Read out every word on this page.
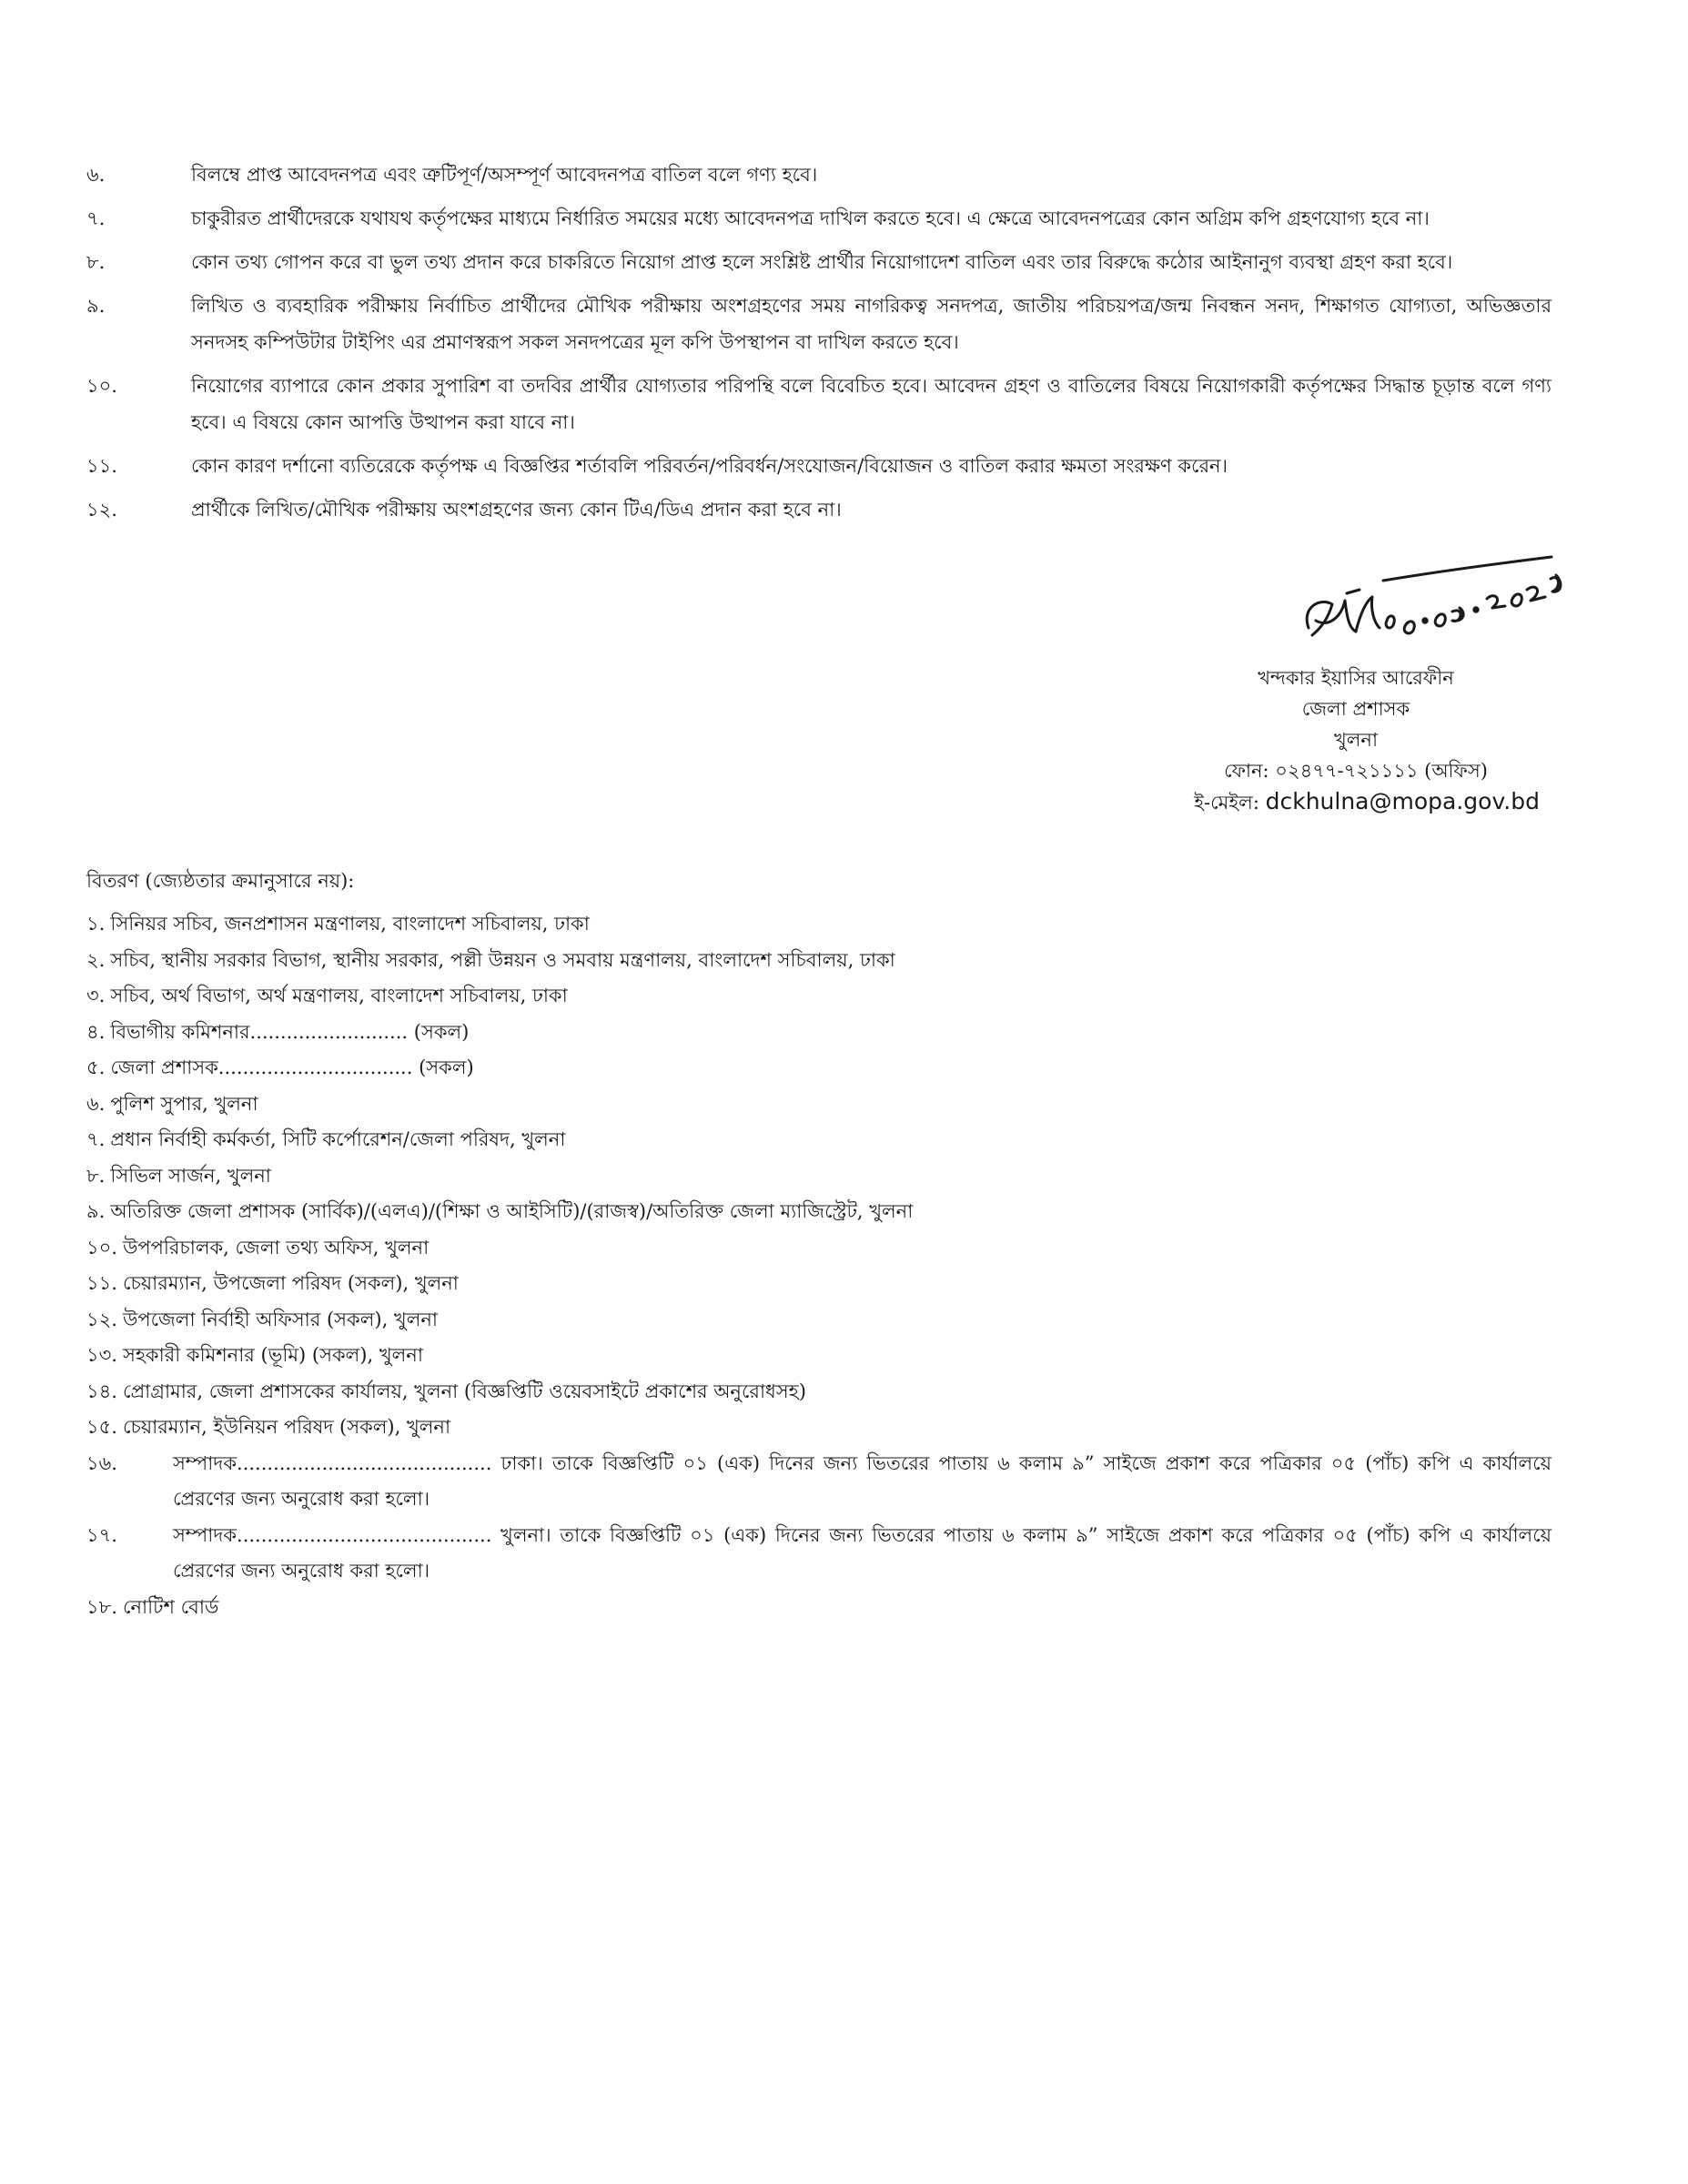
৬.	বিলম্বে প্রাপ্ত আবেদনপত্র এবং ত্রুটিপূর্ণ/অসম্পূর্ণ আবেদনপত্র বাতিল বলে গণ্য হবে।
৭.	চাকুরীরত প্রার্থীদেরকে যথাযথ কর্তৃপক্ষের মাধ্যমে নির্ধারিত সময়ের মধ্যে আবেদনপত্র দাখিল করতে হবে। এ ক্ষেত্রে আবেদনপত্রের কোন অগ্রিম কপি গ্রহণযোগ্য হবে না।
৮.	কোন তথ্য গোপন করে বা ভুল তথ্য প্রদান করে চাকরিতে নিয়োগ প্রাপ্ত হলে সংশ্লিষ্ট প্রার্থীর নিয়োগাদেশ বাতিল এবং তার বিরুদ্ধে কঠোর আইনানুগ ব্যবস্থা গ্রহণ করা হবে।
৯.	লিখিত ও ব্যবহারিক পরীক্ষায় নির্বাচিত প্রার্থীদের মৌখিক পরীক্ষায় অংশগ্রহণের সময় নাগরিকত্ব সনদপত্র, জাতীয় পরিচয়পত্র/জন্ম নিবন্ধন সনদ, শিক্ষাগত যোগ্যতা, অভিজ্ঞতার সনদসহ কম্পিউটার টাইপিং এর প্রমাণস্বরূপ সকল সনদপত্রের মূল কপি উপস্থাপন বা দাখিল করতে হবে।
১০.	নিয়োগের ব্যাপারে কোন প্রকার সুপারিশ বা তদবির প্রার্থীর যোগ্যতার পরিপন্থি বলে বিবেচিত হবে। আবেদন গ্রহণ ও বাতিলের বিষয়ে নিয়োগকারী কর্তৃপক্ষের সিদ্ধান্ত চূড়ান্ত বলে গণ্য হবে। এ বিষয়ে কোন আপত্তি উত্থাপন করা যাবে না।
১১.	কোন কারণ দর্শানো ব্যতিরেকে কর্তৃপক্ষ এ বিজ্ঞপ্তির শর্তাবলি পরিবর্তন/পরিবর্ধন/সংযোজন/বিয়োজন ও বাতিল করার ক্ষমতা সংরক্ষণ করেন।
১২.	প্রার্থীকে লিখিত/মৌখিক পরীক্ষায় অংশগ্রহণের জন্য কোন টিএ/ডিএ প্রদান করা হবে না।
খন্দকার ইয়াসির আরেফীন
জেলা প্রশাসক
খুলনা
ফোন: ০২৪৭৭-৭২১১১১ (অফিস)
ই-মেইল: dckhulna@mopa.gov.bd
বিতরণ (জ্যেষ্ঠতার ক্রমানুসারে নয়):
১. সিনিয়র সচিব, জনপ্রশাসন মন্ত্রণালয়, বাংলাদেশ সচিবালয়, ঢাকা
২. সচিব, স্থানীয় সরকার বিভাগ, স্থানীয় সরকার, পল্লী উন্নয়ন ও সমবায় মন্ত্রণালয়, বাংলাদেশ সচিবালয়, ঢাকা
৩. সচিব, অর্থ বিভাগ, অর্থ মন্ত্রণালয়, বাংলাদেশ সচিবালয়, ঢাকা
৪. বিভাগীয় কমিশনার.......................... (সকল)
৫. জেলা প্রশাসক................................ (সকল)
৬. পুলিশ সুপার, খুলনা
৭. প্রধান নির্বাহী কর্মকর্তা, সিটি কর্পোরেশন/জেলা পরিষদ, খুলনা
৮. সিভিল সার্জন, খুলনা
৯. অতিরিক্ত জেলা প্রশাসক (সার্বিক)/(এলএ)/(শিক্ষা ও আইসিটি)/(রাজস্ব)/অতিরিক্ত জেলা ম্যাজিস্ট্রেট, খুলনা
১০. উপপরিচালক, জেলা তথ্য অফিস, খুলনা
১১. চেয়ারম্যান, উপজেলা পরিষদ (সকল), খুলনা
১২. উপজেলা নির্বাহী অফিসার (সকল), খুলনা
১৩. সহকারী কমিশনার (ভূমি) (সকল), খুলনা
১৪. প্রোগ্রামার, জেলা প্রশাসকের কার্যালয়, খুলনা (বিজ্ঞপ্তিটি ওয়েবসাইটে প্রকাশের অনুরোধসহ)
১৫. চেয়ারম্যান, ইউনিয়ন পরিষদ (সকল), খুলনা
১৬.	সম্পাদক.......................................... ঢাকা। তাকে বিজ্ঞপ্তিটি ০১ (এক) দিনের জন্য ভিতরের পাতায় ৬ কলাম ৯” সাইজে প্রকাশ করে পত্রিকার ০৫ (পাঁচ) কপি এ কার্যালয়ে প্রেরণের জন্য অনুরোধ করা হলো।
১৭.	সম্পাদক.......................................... খুলনা। তাকে বিজ্ঞপ্তিটি ০১ (এক) দিনের জন্য ভিতরের পাতায় ৬ কলাম ৯” সাইজে প্রকাশ করে পত্রিকার ০৫ (পাঁচ) কপি এ কার্যালয়ে প্রেরণের জন্য অনুরোধ করা হলো।
১৮. নোটিশ বোর্ড
